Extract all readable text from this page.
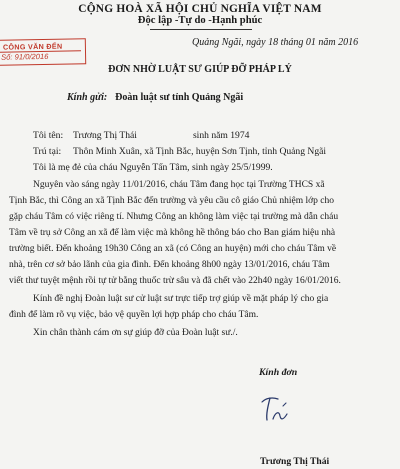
CỘNG HOÀ XÃ HỘI CHỦ NGHĨA VIỆT NAM
Độc lập -Tự do -Hạnh phúc
CÔNG VĂN ĐẾN
Số: 91/0/2016
Quảng Ngãi, ngày 18 tháng 01 năm 2016
ĐƠN NHỜ LUẬT SƯ GIÚP ĐỠ PHÁP LÝ
Kính gửi: Đoàn luật sư tỉnh Quảng Ngãi
Tôi tên: Trương Thị Thái	sinh năm 1974
Trú tại: Thôn Minh Xuân, xã Tịnh Bắc, huyện Sơn Tịnh, tỉnh Quảng Ngãi
Tôi là mẹ đẻ của cháu Nguyễn Tấn Tâm, sinh ngày 25/5/1999.
Nguyên vào sáng ngày 11/01/2016, cháu Tâm đang học tại Trường THCS xã
Tịnh Bắc, thì Công an xã Tịnh Bắc đến trường và yêu cầu cô giáo Chủ nhiệm lớp cho
gặp cháu Tâm có việc riêng tí. Nhưng Công an không làm việc tại trường mà dẫn cháu
Tâm về trụ sở Công an xã để làm việc mà không hề thông báo cho Ban giám hiệu nhà
trường biết. Đến khoảng 19h30 Công an xã (có Công an huyện) mới cho cháu Tâm về
nhà, trên cơ sở bảo lãnh của gia đình. Đến khoảng 8h00 ngày 13/01/2016, cháu Tâm
viết thư tuyệt mệnh rồi tự tử bằng thuốc trừ sâu và đã chết vào 22h40 ngày 16/01/2016.
Kính đề nghị Đoàn luật sư cử luật sư trực tiếp trợ giúp về mặt pháp lý cho gia
đình để làm rõ vụ việc, bảo vệ quyền lợi hợp pháp cho cháu Tâm.
Xin chân thành cám ơn sự giúp đỡ của Đoàn luật sư./.
Kính đơn
Trương Thị Thái
